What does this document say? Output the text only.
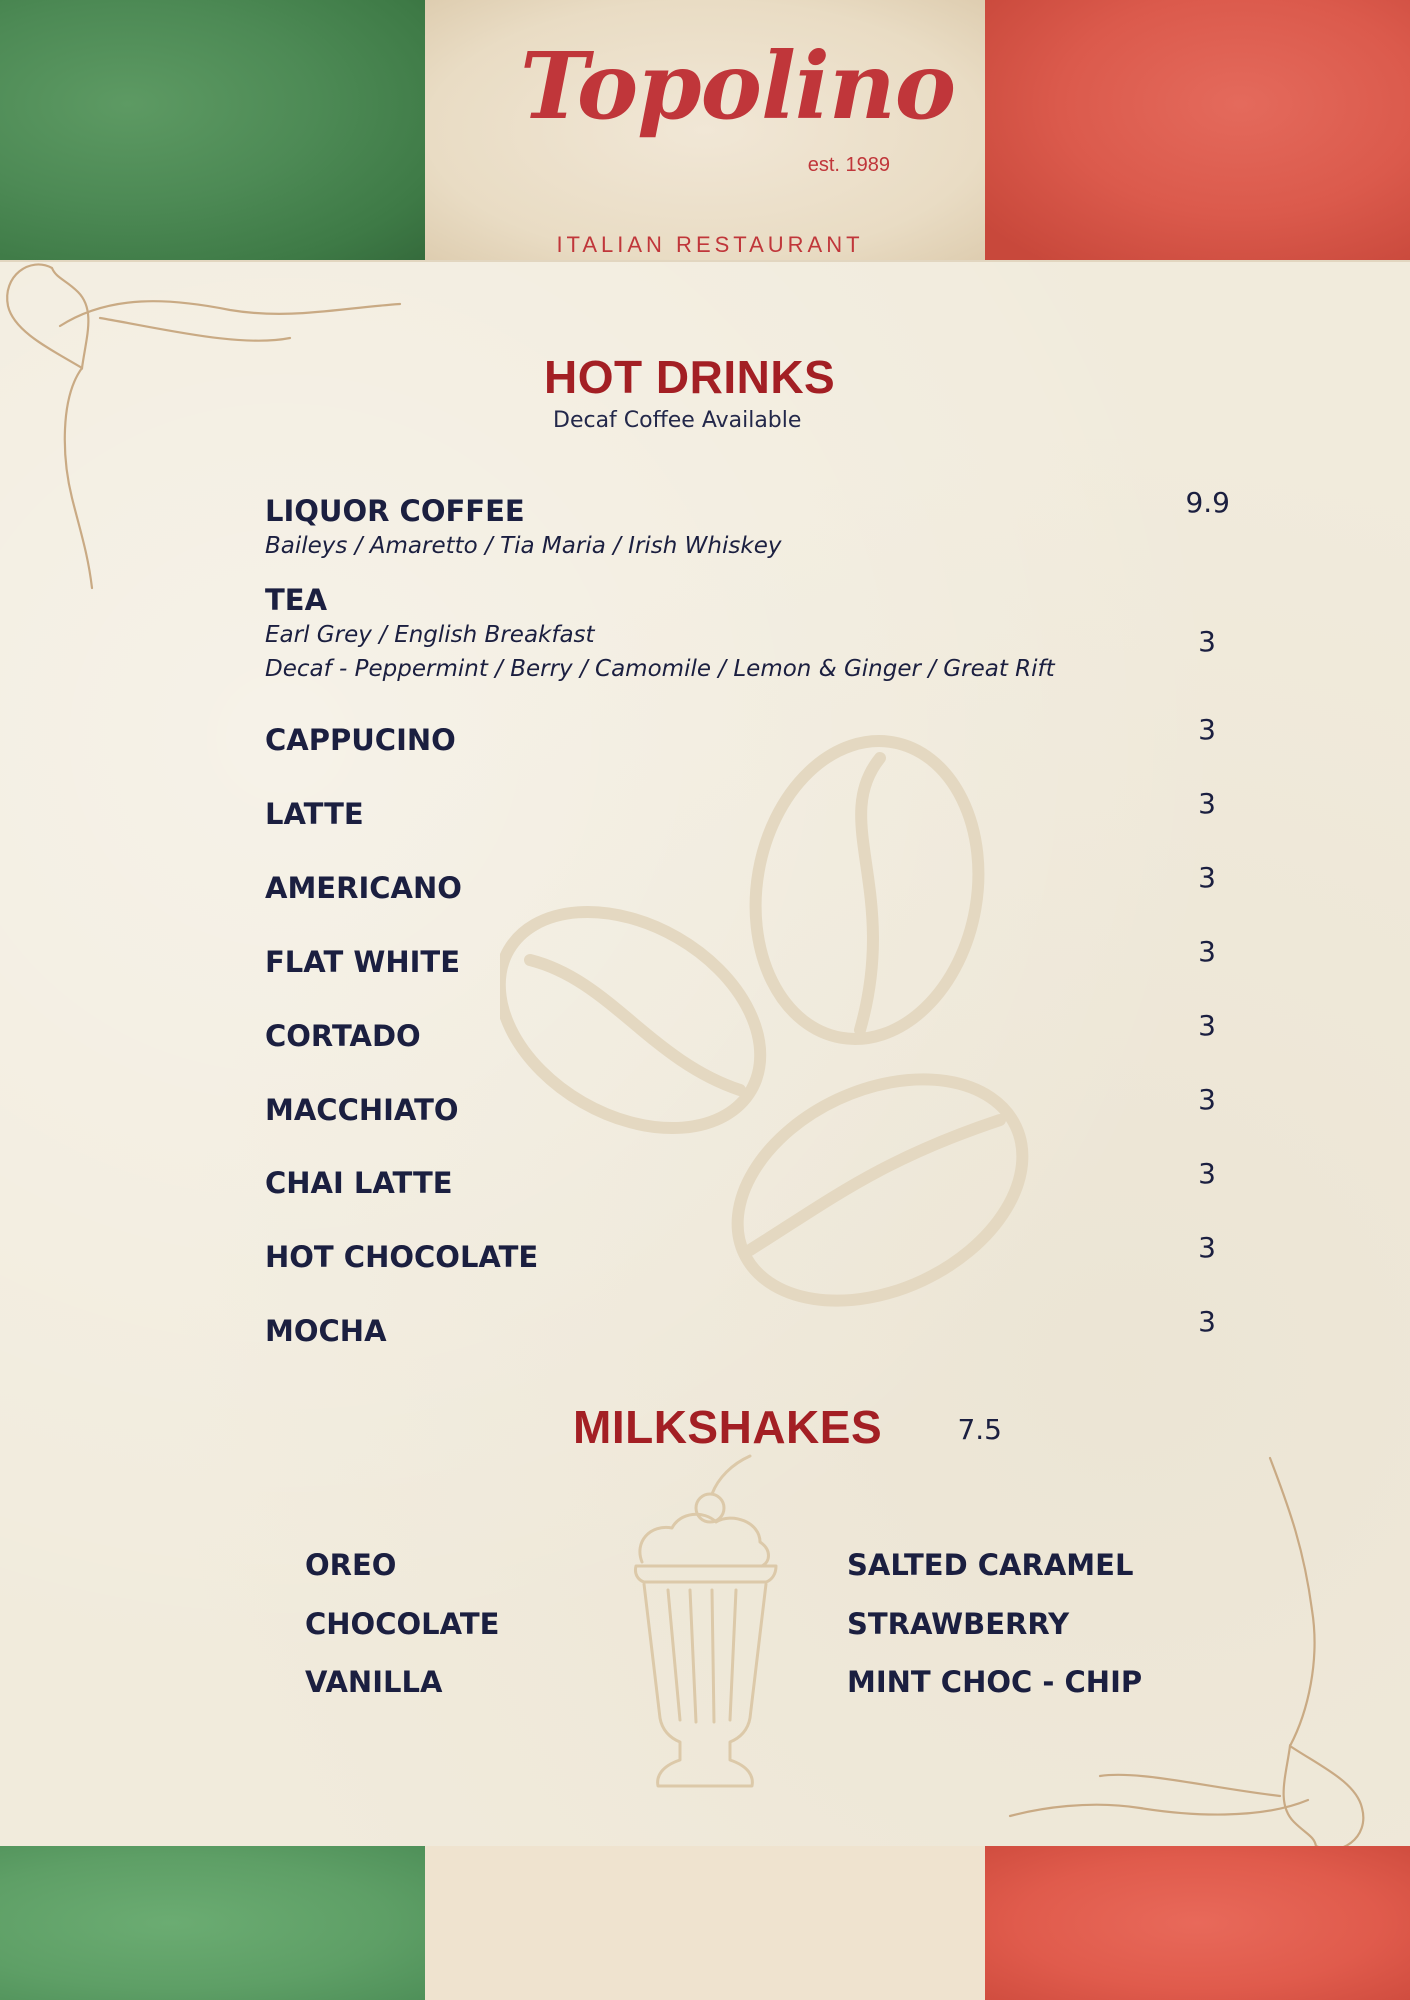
Topolino
est. 1989
ITALIAN RESTAURANT
HOT DRINKS
Decaf Coffee Available
LIQUOR COFFEE
Baileys / Amaretto / Tia Maria / Irish Whiskey
9.9
TEA
Earl Grey / English Breakfast
Decaf - Peppermint / Berry / Camomile / Lemon & Ginger / Great Rift
3
CAPPUCINO	3
LATTE	3
AMERICANO	3
FLAT WHITE	3
CORTADO	3
MACCHIATO	3
CHAI LATTE	3
HOT CHOCOLATE	3
MOCHA	3
MILKSHAKES	7.5
OREO
CHOCOLATE
VANILLA
SALTED CARAMEL
STRAWBERRY
MINT CHOC - CHIP
